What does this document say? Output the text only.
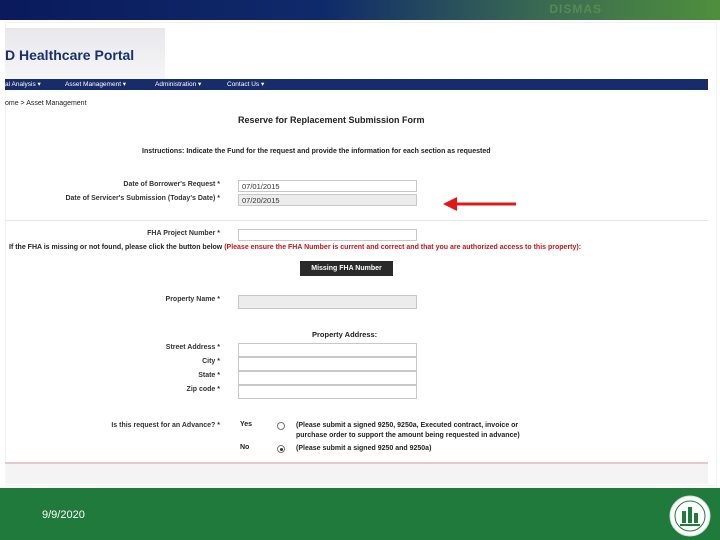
DISMAS
D Healthcare Portal
al Analysis ▾	Asset Management ▾	Administration ▾	Contact Us ▾
ome > Asset Management
Reserve for Replacement Submission Form
Instructions: Indicate the Fund for the request and provide the information for each section as requested
Date of Borrower's Request *	07/01/2015
Date of Servicer's Submission (Today's Date) *	07/20/2015
FHA Project Number *
If the FHA is missing or not found, please click the button below (Please ensure the FHA Number is current and correct and that you are authorized access to this property):
Missing FHA Number
Property Name *
Property Address:
Street Address *
City *
State *
Zip code *
Is this request for an Advance? *	Yes	(Please submit a signed 9250, 9250a, Executed contract, invoice or
purchase order to support the amount being requested in advance)
No	(Please submit a signed 9250 and 9250a)
9/9/2020
